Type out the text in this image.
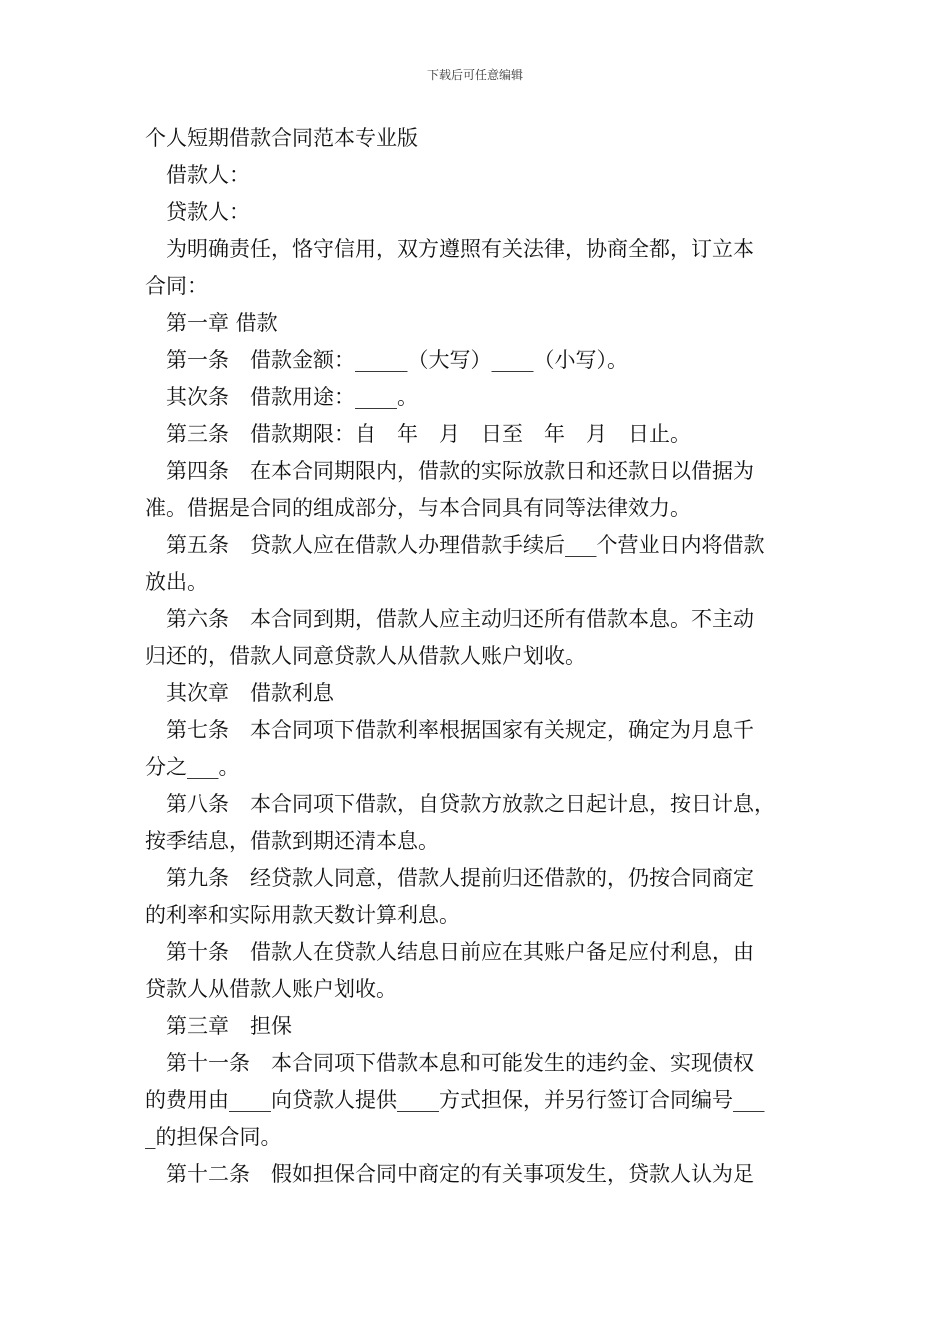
下载后可任意编辑
个人短期借款合同范本专业版
借款人：
贷款人：
为明确责任，恪守信用，双方遵照有关法律，协商全都，订立本
合同：
第一章 借款
第一条　借款金额：_____（大写）____（小写）。
其次条　借款用途：____。
第三条　借款期限：自　年　月　日至　年　月　日止。
第四条　在本合同期限内，借款的实际放款日和还款日以借据为
准。借据是合同的组成部分，与本合同具有同等法律效力。
第五条　贷款人应在借款人办理借款手续后___个营业日内将借款
放出。
第六条　本合同到期，借款人应主动归还所有借款本息。不主动
归还的，借款人同意贷款人从借款人账户划收。
其次章　借款利息
第七条　本合同项下借款利率根据国家有关规定，确定为月息千
分之___。
第八条　本合同项下借款，自贷款方放款之日起计息，按日计息，
按季结息，借款到期还清本息。
第九条　经贷款人同意，借款人提前归还借款的，仍按合同商定
的利率和实际用款天数计算利息。
第十条　借款人在贷款人结息日前应在其账户备足应付利息，由
贷款人从借款人账户划收。
第三章　担保
第十一条　本合同项下借款本息和可能发生的违约金、实现债权
的费用由____向贷款人提供____方式担保，并另行签订合同编号___
_的担保合同。
第十二条　假如担保合同中商定的有关事项发生，贷款人认为足
